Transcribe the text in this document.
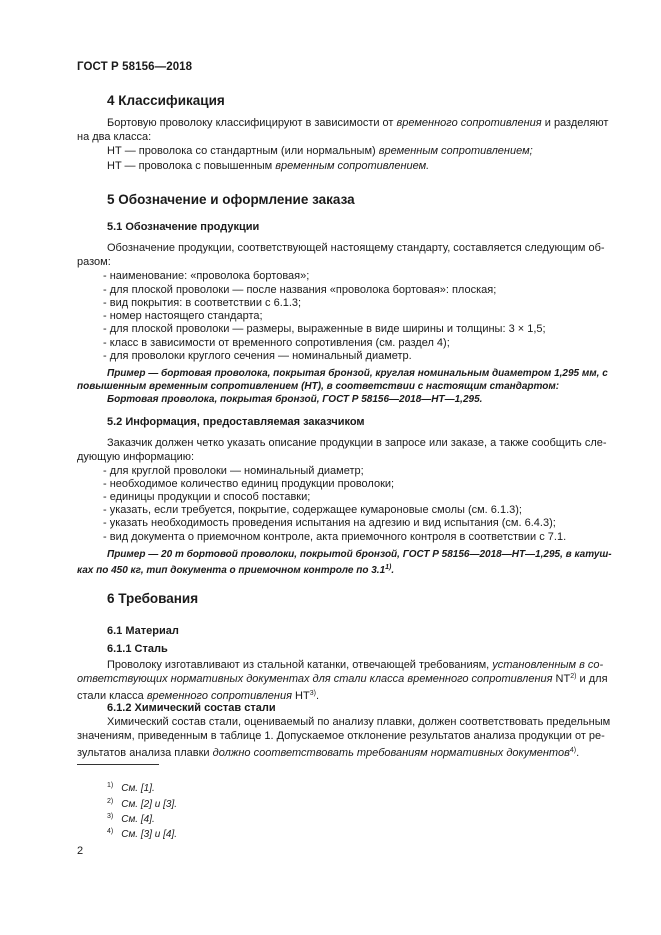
ГОСТ Р 58156—2018
4 Классификация
Бортовую проволоку классифицируют в зависимости от временного сопротивления и разделяют
на два класса:
НТ — проволока со стандартным (или нормальным) временным сопротивлением;
HT — проволока с повышенным временным сопротивлением.
5 Обозначение и оформление заказа
5.1 Обозначение продукции
Обозначение продукции, соответствующей настоящему стандарту, составляется следующим об-
разом:
- наименование: «проволока бортовая»;
- для плоской проволоки — после названия «проволока бортовая»: плоская;
- вид покрытия: в соответствии с 6.1.3;
- номер настоящего стандарта;
- для плоской проволоки — размеры, выраженные в виде ширины и толщины: 3 × 1,5;
- класс в зависимости от временного сопротивления (см. раздел 4);
- для проволоки круглого сечения — номинальный диаметр.
Пример — бортовая проволока, покрытая бронзой, круглая номинальным диаметром 1,295 мм, с
повышенным временным сопротивлением (HT), в соответствии с настоящим стандартом:
Бортовая проволока, покрытая бронзой, ГОСТ Р 58156—2018—HT—1,295.
5.2 Информация, предоставляемая заказчиком
Заказчик должен четко указать описание продукции в запросе или заказе, а также сообщить сле-
дующую информацию:
- для круглой проволоки — номинальный диаметр;
- необходимое количество единиц продукции проволоки;
- единицы продукции и способ поставки;
- указать, если требуется, покрытие, содержащее кумароновые смолы (см. 6.1.3);
- указать необходимость проведения испытания на адгезию и вид испытания (см. 6.4.3);
- вид документа о приемочном контроле, акта приемочного контроля в соответствии с 7.1.
Пример — 20 т бортовой проволоки, покрытой бронзой, ГОСТ Р 58156—2018—HT—1,295, в катуш-
ках по 450 кг, тип документа о приемочном контроле по 3.1$^{1)}$.
6 Требования
6.1 Материал
6.1.1 Сталь
Проволоку изготавливают из стальной катанки, отвечающей требованиям, установленным в со-
ответствующих нормативных документах для стали класса временного сопротивления NT$^{2)}$ и для
стали класса временного сопротивления HT$^{3)}$.
6.1.2 Химический состав стали
Химический состав стали, оцениваемый по анализу плавки, должен соответствовать предельным
значениям, приведенным в таблице 1. Допускаемое отклонение результатов анализа продукции от ре-
зультатов анализа плавки должно соответствовать требованиям нормативных документов$^{4)}$.
$^{1)}$ См. [1].
$^{2)}$ См. [2] и [3].
$^{3)}$ См. [4].
$^{4)}$ См. [3] и [4].
2
